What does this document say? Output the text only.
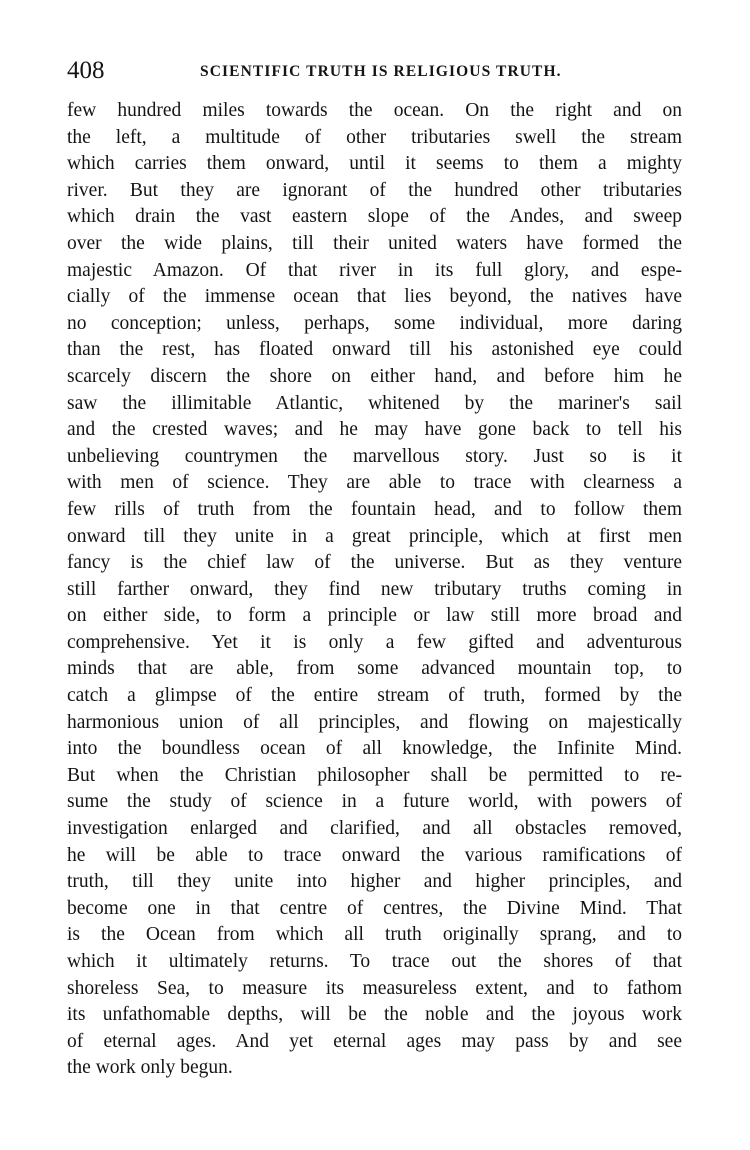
408	SCIENTIFIC TRUTH IS RELIGIOUS TRUTH.
few hundred miles towards the ocean. On the right and on
the left, a multitude of other tributaries swell the stream
which carries them onward, until it seems to them a mighty
river. But they are ignorant of the hundred other tributaries
which drain the vast eastern slope of the Andes, and sweep
over the wide plains, till their united waters have formed the
majestic Amazon. Of that river in its full glory, and espe-
cially of the immense ocean that lies beyond, the natives have
no conception; unless, perhaps, some individual, more daring
than the rest, has floated onward till his astonished eye could
scarcely discern the shore on either hand, and before him he
saw the illimitable Atlantic, whitened by the mariner's sail
and the crested waves; and he may have gone back to tell his
unbelieving countrymen the marvellous story. Just so is it
with men of science. They are able to trace with clearness a
few rills of truth from the fountain head, and to follow them
onward till they unite in a great principle, which at first men
fancy is the chief law of the universe. But as they venture
still farther onward, they find new tributary truths coming in
on either side, to form a principle or law still more broad and
comprehensive. Yet it is only a few gifted and adventurous
minds that are able, from some advanced mountain top, to
catch a glimpse of the entire stream of truth, formed by the
harmonious union of all principles, and flowing on majestically
into the boundless ocean of all knowledge, the Infinite Mind.
But when the Christian philosopher shall be permitted to re-
sume the study of science in a future world, with powers of
investigation enlarged and clarified, and all obstacles removed,
he will be able to trace onward the various ramifications of
truth, till they unite into higher and higher principles, and
become one in that centre of centres, the Divine Mind. That
is the Ocean from which all truth originally sprang, and to
which it ultimately returns. To trace out the shores of that
shoreless Sea, to measure its measureless extent, and to fathom
its unfathomable depths, will be the noble and the joyous work
of eternal ages. And yet eternal ages may pass by and see
the work only begun.
